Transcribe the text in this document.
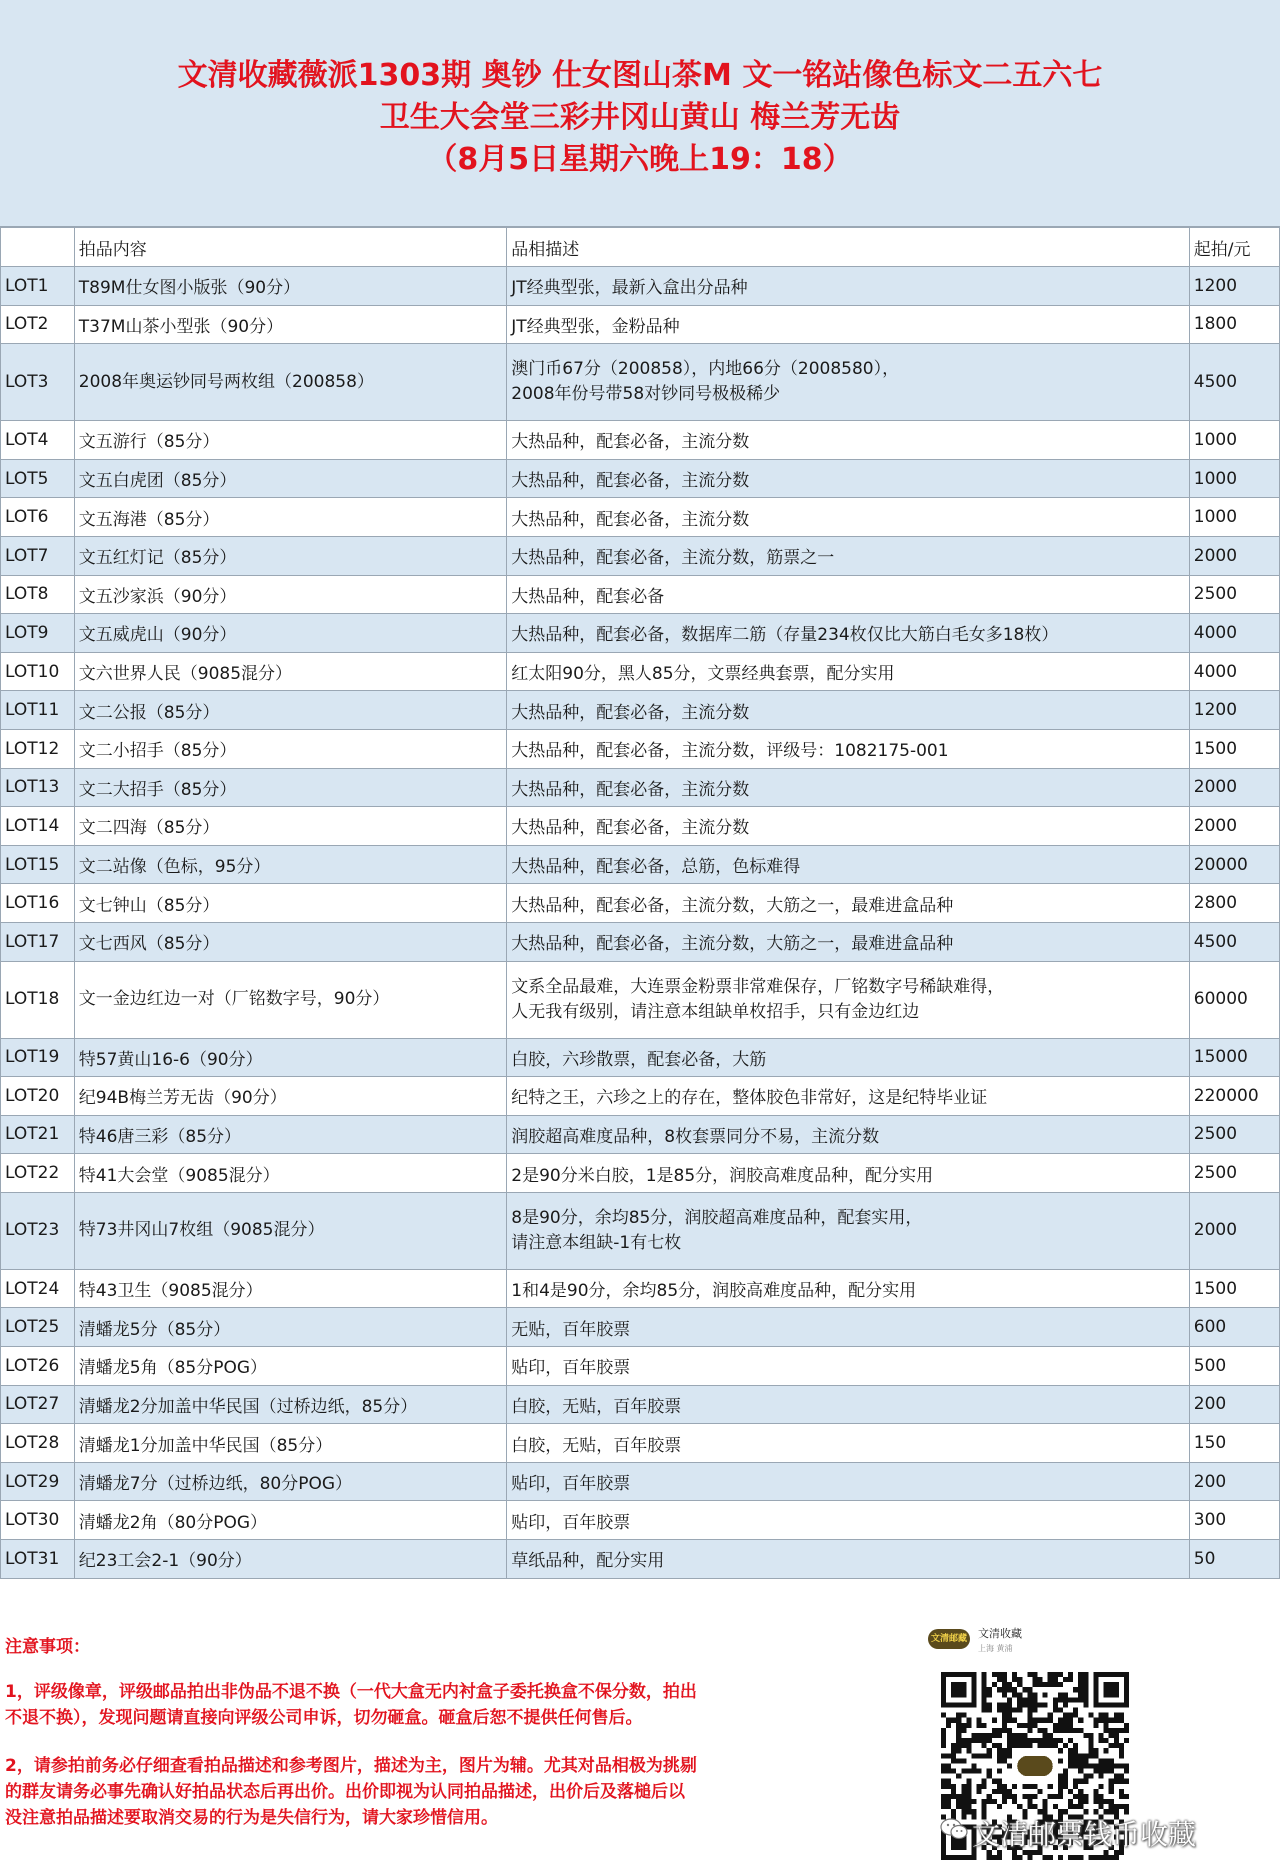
文清收藏薇派1303期 奥钞 仕女图山茶M 文一铭站像色标文二五六七
卫生大会堂三彩井冈山黄山 梅兰芳无齿
（8月5日星期六晚上19：18）
	拍品内容	品相描述	起拍/元
LOT1	T89M仕女图小版张（90分）	JT经典型张，最新入盒出分品种	1200
LOT2	T37M山茶小型张（90分）	JT经典型张，金粉品种	1800
LOT3	2008年奥运钞同号两枚组（200858）	澳门币67分（200858），内地66分（2008580），
2008年份号带58对钞同号极极稀少	4500
LOT4	文五游行（85分）	大热品种，配套必备，主流分数	1000
LOT5	文五白虎团（85分）	大热品种，配套必备，主流分数	1000
LOT6	文五海港（85分）	大热品种，配套必备，主流分数	1000
LOT7	文五红灯记（85分）	大热品种，配套必备，主流分数，筋票之一	2000
LOT8	文五沙家浜（90分）	大热品种，配套必备	2500
LOT9	文五威虎山（90分）	大热品种，配套必备，数据库二筋（存量234枚仅比大筋白毛女多18枚）	4000
LOT10	文六世界人民（9085混分）	红太阳90分，黑人85分，文票经典套票，配分实用	4000
LOT11	文二公报（85分）	大热品种，配套必备，主流分数	1200
LOT12	文二小招手（85分）	大热品种，配套必备，主流分数，评级号：1082175-001	1500
LOT13	文二大招手（85分）	大热品种，配套必备，主流分数	2000
LOT14	文二四海（85分）	大热品种，配套必备，主流分数	2000
LOT15	文二站像（色标，95分）	大热品种，配套必备，总筋，色标难得	20000
LOT16	文七钟山（85分）	大热品种，配套必备，主流分数，大筋之一，最难进盒品种	2800
LOT17	文七西风（85分）	大热品种，配套必备，主流分数，大筋之一，最难进盒品种	4500
LOT18	文一金边红边一对（厂铭数字号，90分）	文系全品最难，大连票金粉票非常难保存，厂铭数字号稀缺难得，
人无我有级别，请注意本组缺单枚招手，只有金边红边	60000
LOT19	特57黄山16-6（90分）	白胶，六珍散票，配套必备，大筋	15000
LOT20	纪94B梅兰芳无齿（90分）	纪特之王，六珍之上的存在，整体胶色非常好，这是纪特毕业证	220000
LOT21	特46唐三彩（85分）	润胶超高难度品种，8枚套票同分不易，主流分数	2500
LOT22	特41大会堂（9085混分）	2是90分米白胶，1是85分，润胶高难度品种，配分实用	2500
LOT23	特73井冈山7枚组（9085混分）	8是90分，余均85分，润胶超高难度品种，配套实用，
请注意本组缺-1有七枚	2000
LOT24	特43卫生（9085混分）	1和4是90分，余均85分，润胶高难度品种，配分实用	1500
LOT25	清蟠龙5分（85分）	无贴，百年胶票	600
LOT26	清蟠龙5角（85分POG）	贴印，百年胶票	500
LOT27	清蟠龙2分加盖中华民国（过桥边纸，85分）	白胶，无贴，百年胶票	200
LOT28	清蟠龙1分加盖中华民国（85分）	白胶，无贴，百年胶票	150
LOT29	清蟠龙7分（过桥边纸，80分POG）	贴印，百年胶票	200
LOT30	清蟠龙2角（80分POG）	贴印，百年胶票	300
LOT31	纪23工会2-1（90分）	草纸品种，配分实用	50
注意事项：
1，评级像章，评级邮品拍出非伪品不退不换（一代大盒无内衬盒子委托换盒不保分数，拍出
不退不换），发现问题请直接向评级公司申诉，切勿砸盒。砸盒后恕不提供任何售后。
2，请参拍前务必仔细查看拍品描述和参考图片，描述为主，图片为辅。尤其对品相极为挑剔
的群友请务必事先确认好拍品状态后再出价。出价即视为认同拍品描述，出价后及落槌后以
没注意拍品描述要取消交易的行为是失信行为，请大家珍惜信用。
文清邮藏 文清收藏
上海 黄浦
文清邮票钱币收藏
